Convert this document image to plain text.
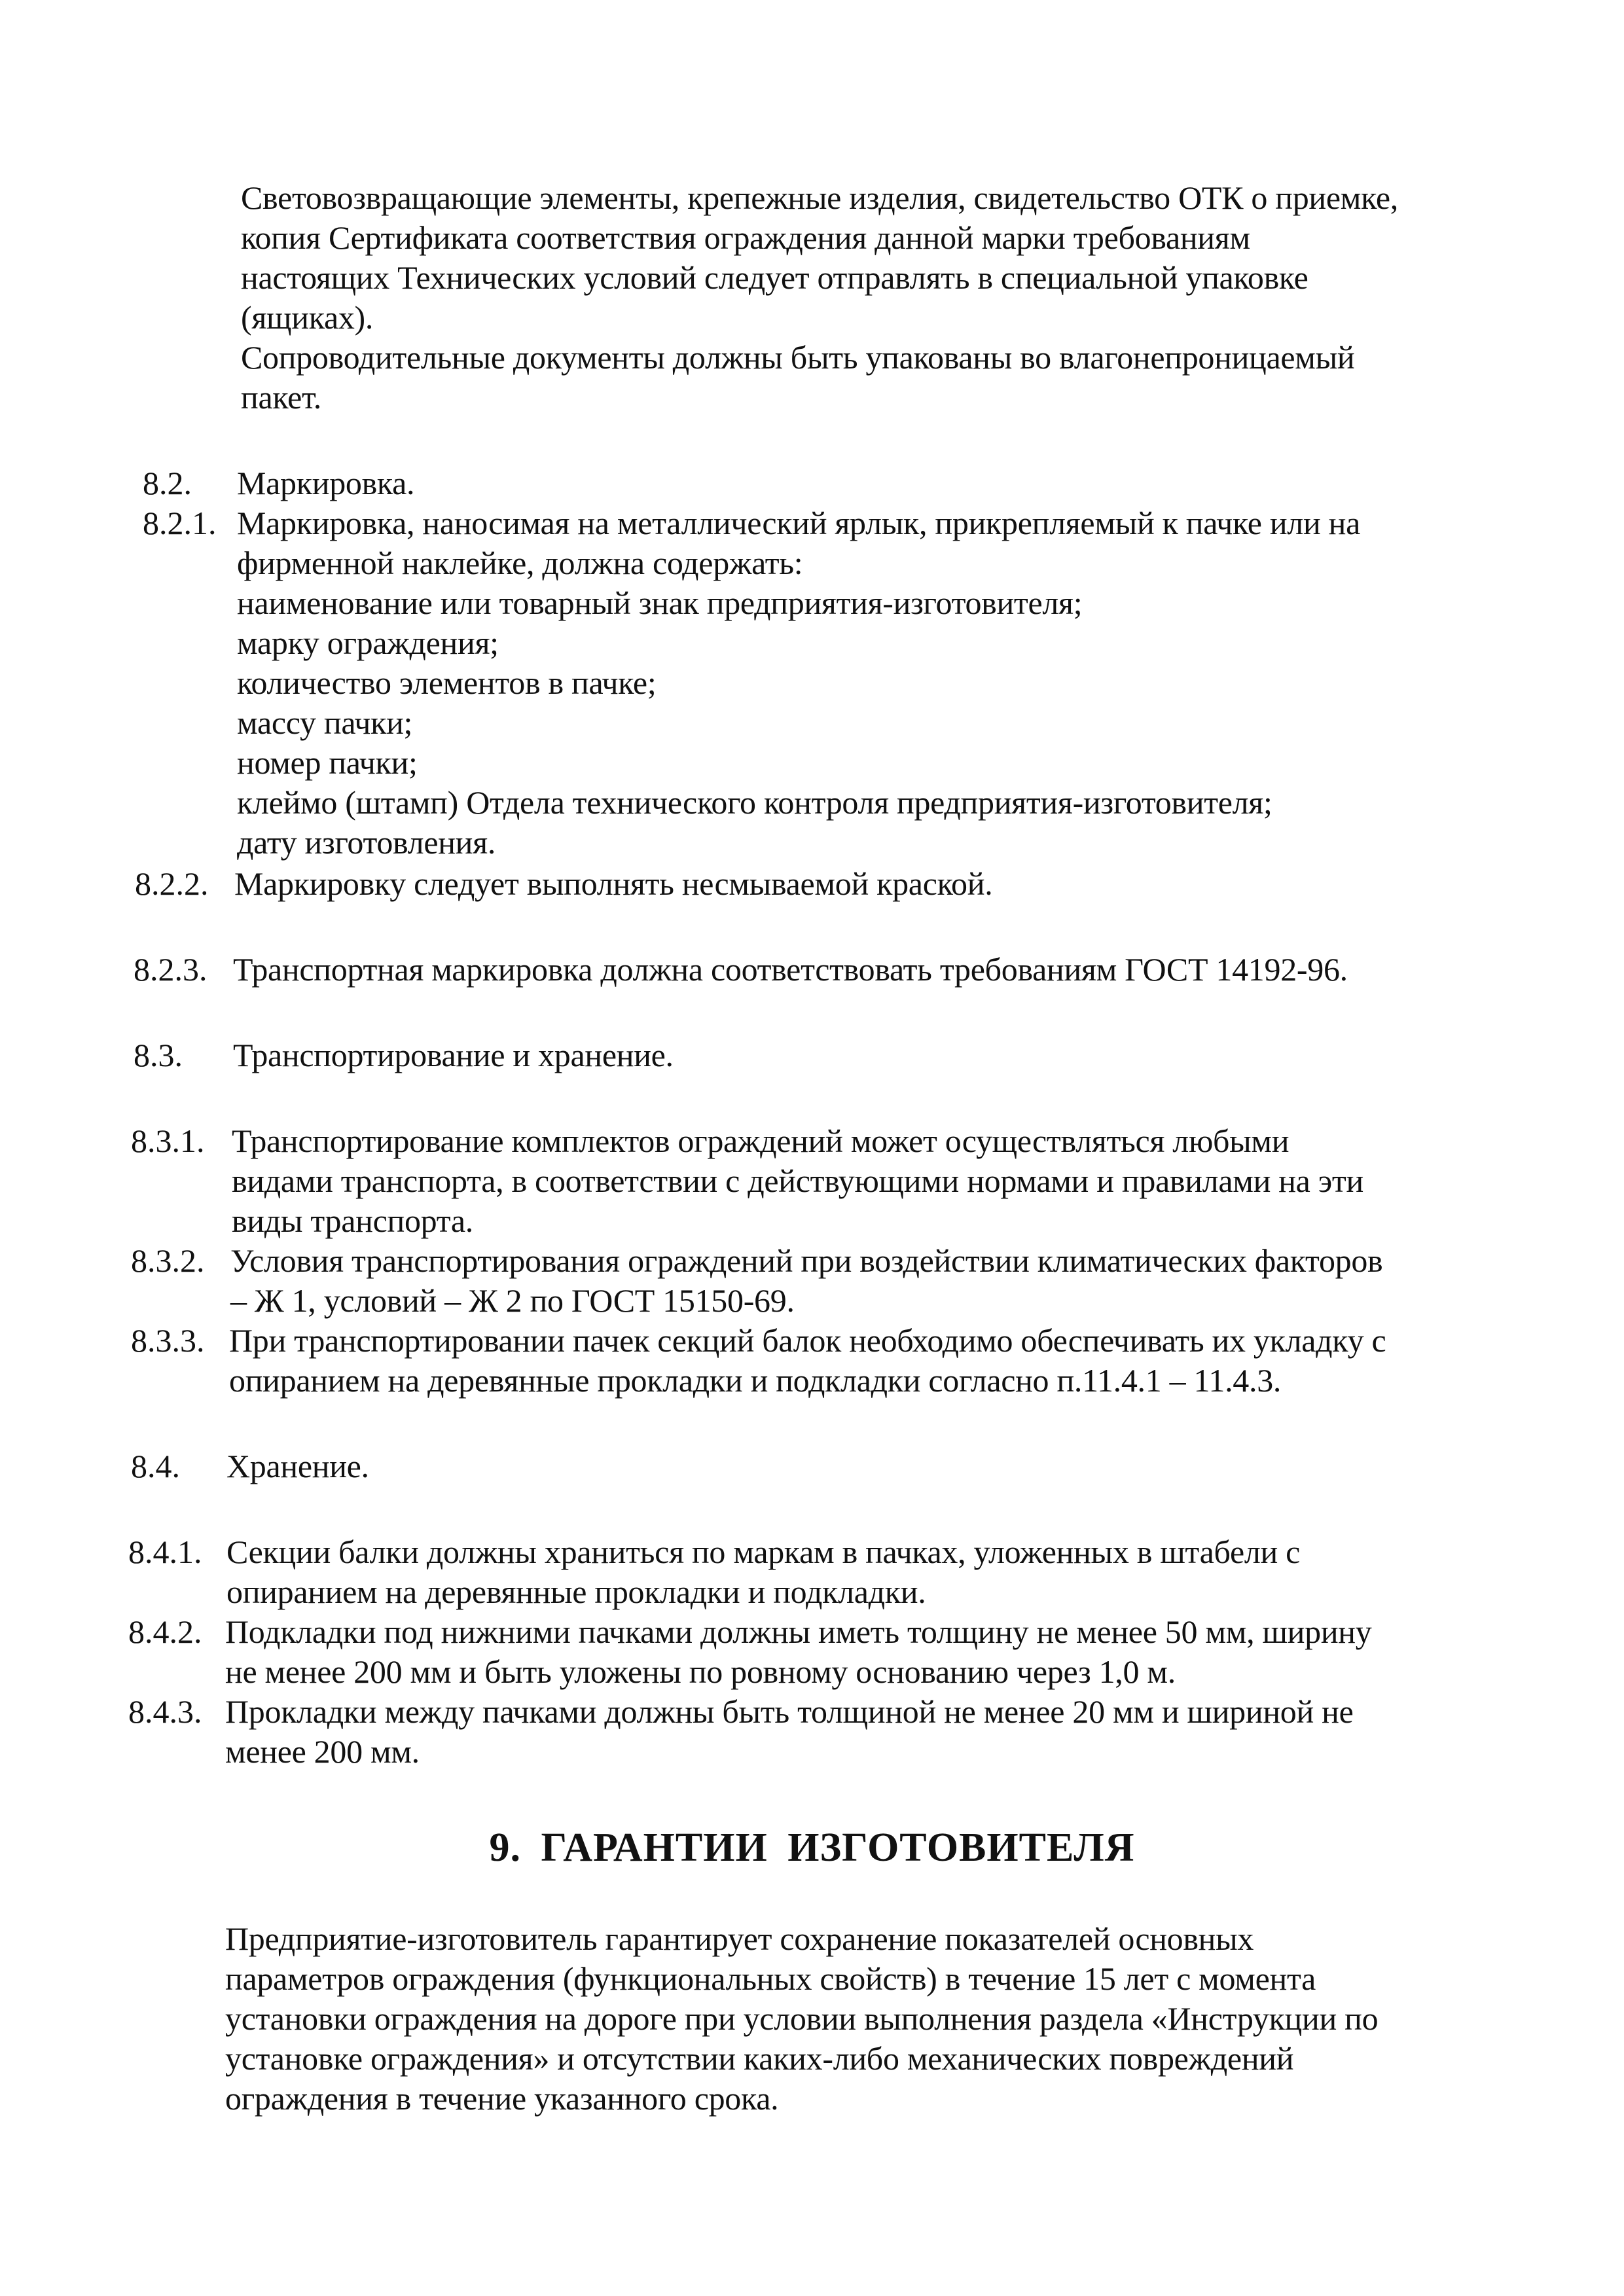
Световозвращающие элементы, крепежные изделия, свидетельство ОТК о приемке,
копия Сертификата соответствия ограждения данной марки требованиям
настоящих Технических условий следует отправлять в специальной упаковке
(ящиках).
Сопроводительные документы должны быть упакованы во влагонепроницаемый
пакет.
8.2. Маркировка.
8.2.1. Маркировка, наносимая на металлический ярлык, прикрепляемый к пачке или на
фирменной наклейке, должна содержать:
наименование или товарный знак предприятия-изготовителя;
марку ограждения;
количество элементов в пачке;
массу пачки;
номер пачки;
клеймо (штамп) Отдела технического контроля предприятия-изготовителя;
дату изготовления.
8.2.2. Маркировку следует выполнять несмываемой краской.
8.2.3. Транспортная маркировка должна соответствовать требованиям ГОСТ 14192-96.
8.3. Транспортирование и хранение.
8.3.1. Транспортирование комплектов ограждений может осуществляться любыми
видами транспорта, в соответствии с действующими нормами и правилами на эти
виды транспорта.
8.3.2. Условия транспортирования ограждений при воздействии климатических факторов
– Ж 1, условий – Ж 2 по ГОСТ 15150-69.
8.3.3. При транспортировании пачек секций балок необходимо обеспечивать их укладку с
опиранием на деревянные прокладки и подкладки согласно п.11.4.1 – 11.4.3.
8.4. Хранение.
8.4.1. Секции балки должны храниться по маркам в пачках, уложенных в штабели с
опиранием на деревянные прокладки и подкладки.
8.4.2. Подкладки под нижними пачками должны иметь толщину не менее 50 мм, ширину
не менее 200 мм и быть уложены по ровному основанию через 1,0 м.
8.4.3. Прокладки между пачками должны быть толщиной не менее 20 мм и шириной не
менее 200 мм.
9. ГАРАНТИИ ИЗГОТОВИТЕЛЯ
Предприятие-изготовитель гарантирует сохранение показателей основных
параметров ограждения (функциональных свойств) в течение 15 лет с момента
установки ограждения на дороге при условии выполнения раздела «Инструкции по
установке ограждения» и отсутствии каких-либо механических повреждений
ограждения в течение указанного срока.
